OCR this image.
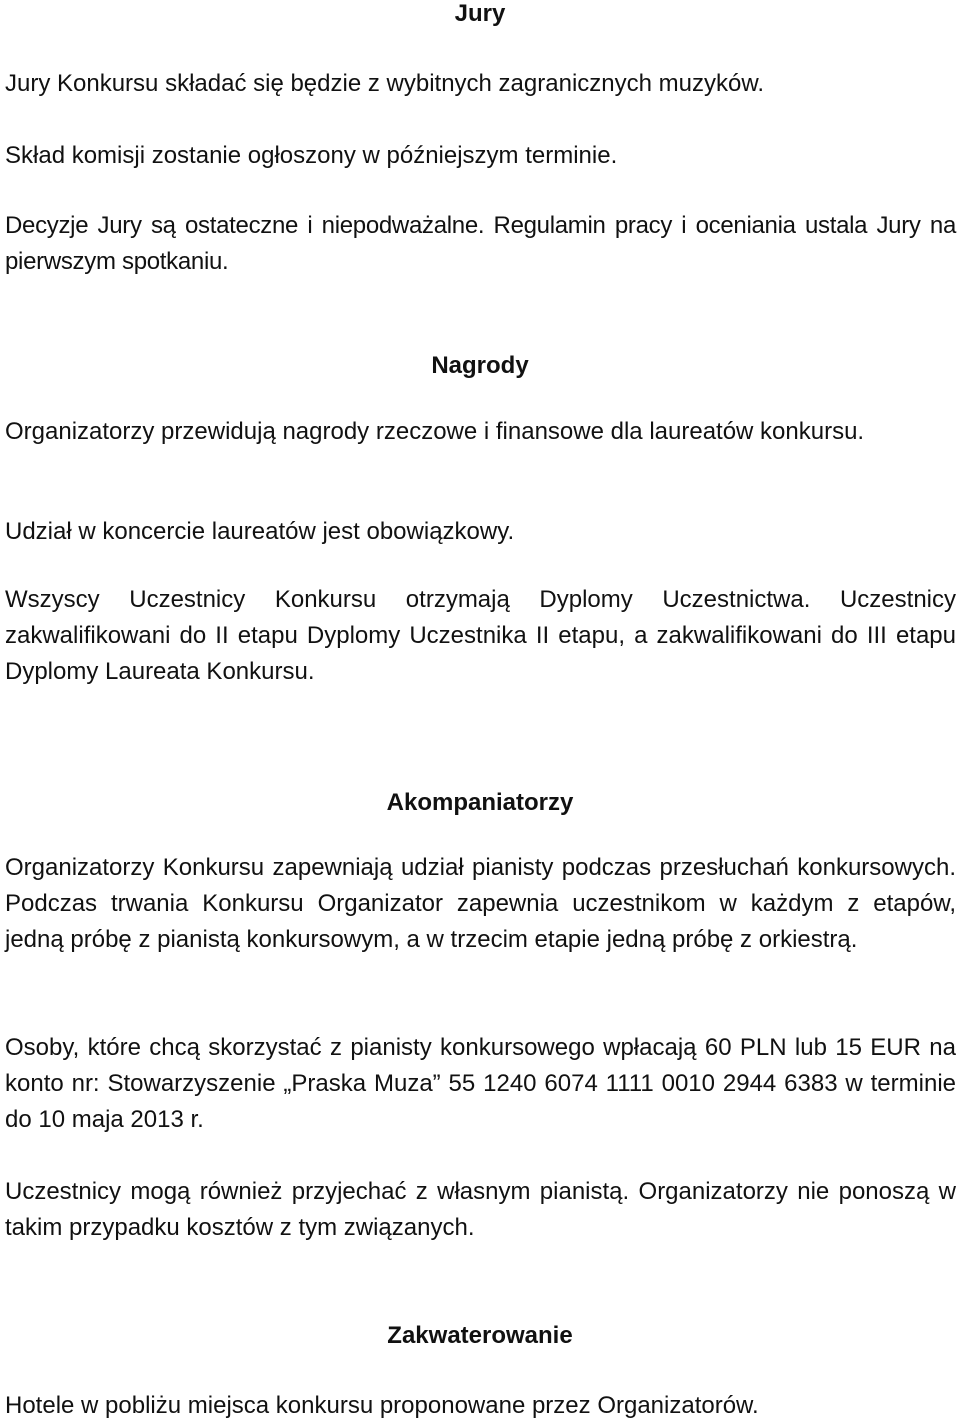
Jury

Jury Konkursu składać się będzie z wybitnych zagranicznych muzyków.

Skład komisji zostanie ogłoszony w późniejszym terminie.

Decyzje Jury są ostateczne i niepodważalne. Regulamin pracy i oceniania ustala Jury na pierwszym spotkaniu.

Nagrody

Organizatorzy przewidują nagrody rzeczowe i finansowe dla laureatów konkursu.

Udział w koncercie laureatów jest obowiązkowy.

Wszyscy Uczestnicy Konkursu otrzymają Dyplomy Uczestnictwa. Uczestnicy zakwalifikowani do II etapu Dyplomy Uczestnika II etapu, a zakwalifikowani do III etapu Dyplomy Laureata Konkursu.

Akompaniatorzy

Organizatorzy Konkursu zapewniają udział pianisty podczas przesłuchań konkursowych. Podczas trwania Konkursu Organizator zapewnia uczestnikom w każdym z etapów, jedną próbę z pianistą konkursowym, a w trzecim etapie jedną próbę z orkiestrą.

Osoby, które chcą skorzystać z pianisty konkursowego wpłacają 60 PLN lub 15 EUR na konto nr: Stowarzyszenie „Praska Muza” 55 1240 6074 1111 0010 2944 6383 w terminie do 10 maja 2013 r.

Uczestnicy mogą również przyjechać z własnym pianistą. Organizatorzy nie ponoszą w takim przypadku kosztów z tym związanych.

Zakwaterowanie

Hotele w pobliżu miejsca konkursu proponowane przez Organizatorów.
